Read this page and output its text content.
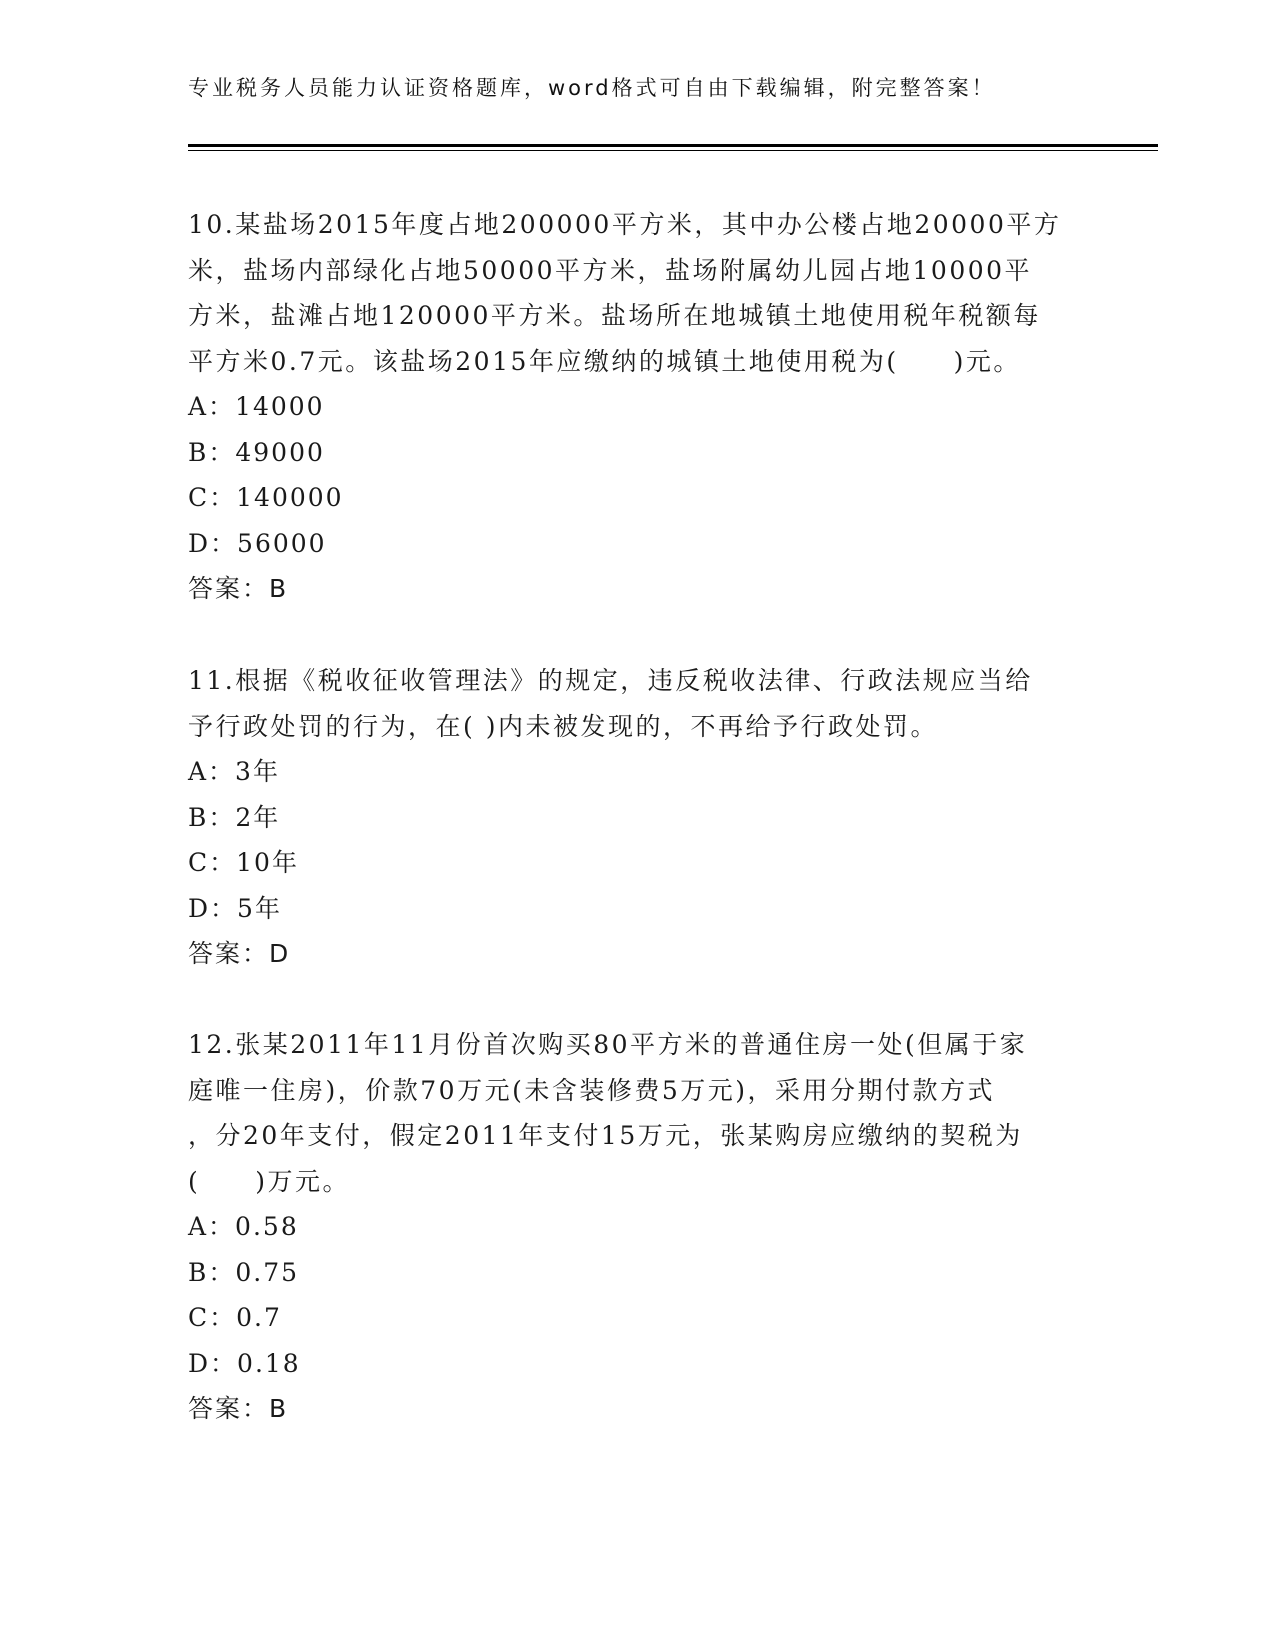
专业税务人员能力认证资格题库，word格式可自由下载编辑，附完整答案！
10.某盐场2015年度占地200000平方米，其中办公楼占地20000平方
米，盐场内部绿化占地50000平方米，盐场附属幼儿园占地10000平
方米，盐滩占地120000平方米。盐场所在地城镇土地使用税年税额每
平方米0.7元。该盐场2015年应缴纳的城镇土地使用税为(　　)元。
A：14000
B：49000
C：140000
D：56000
答案：B
11.根据《税收征收管理法》的规定，违反税收法律、行政法规应当给
予行政处罚的行为，在( )内未被发现的，不再给予行政处罚。
A：3年
B：2年
C：10年
D：5年
答案：D
12.张某2011年11月份首次购买80平方米的普通住房一处(但属于家
庭唯一住房)，价款70万元(未含装修费5万元)，采用分期付款方式
，分20年支付，假定2011年支付15万元，张某购房应缴纳的契税为
(　　)万元。
A：0.58
B：0.75
C：0.7
D：0.18
答案：B
